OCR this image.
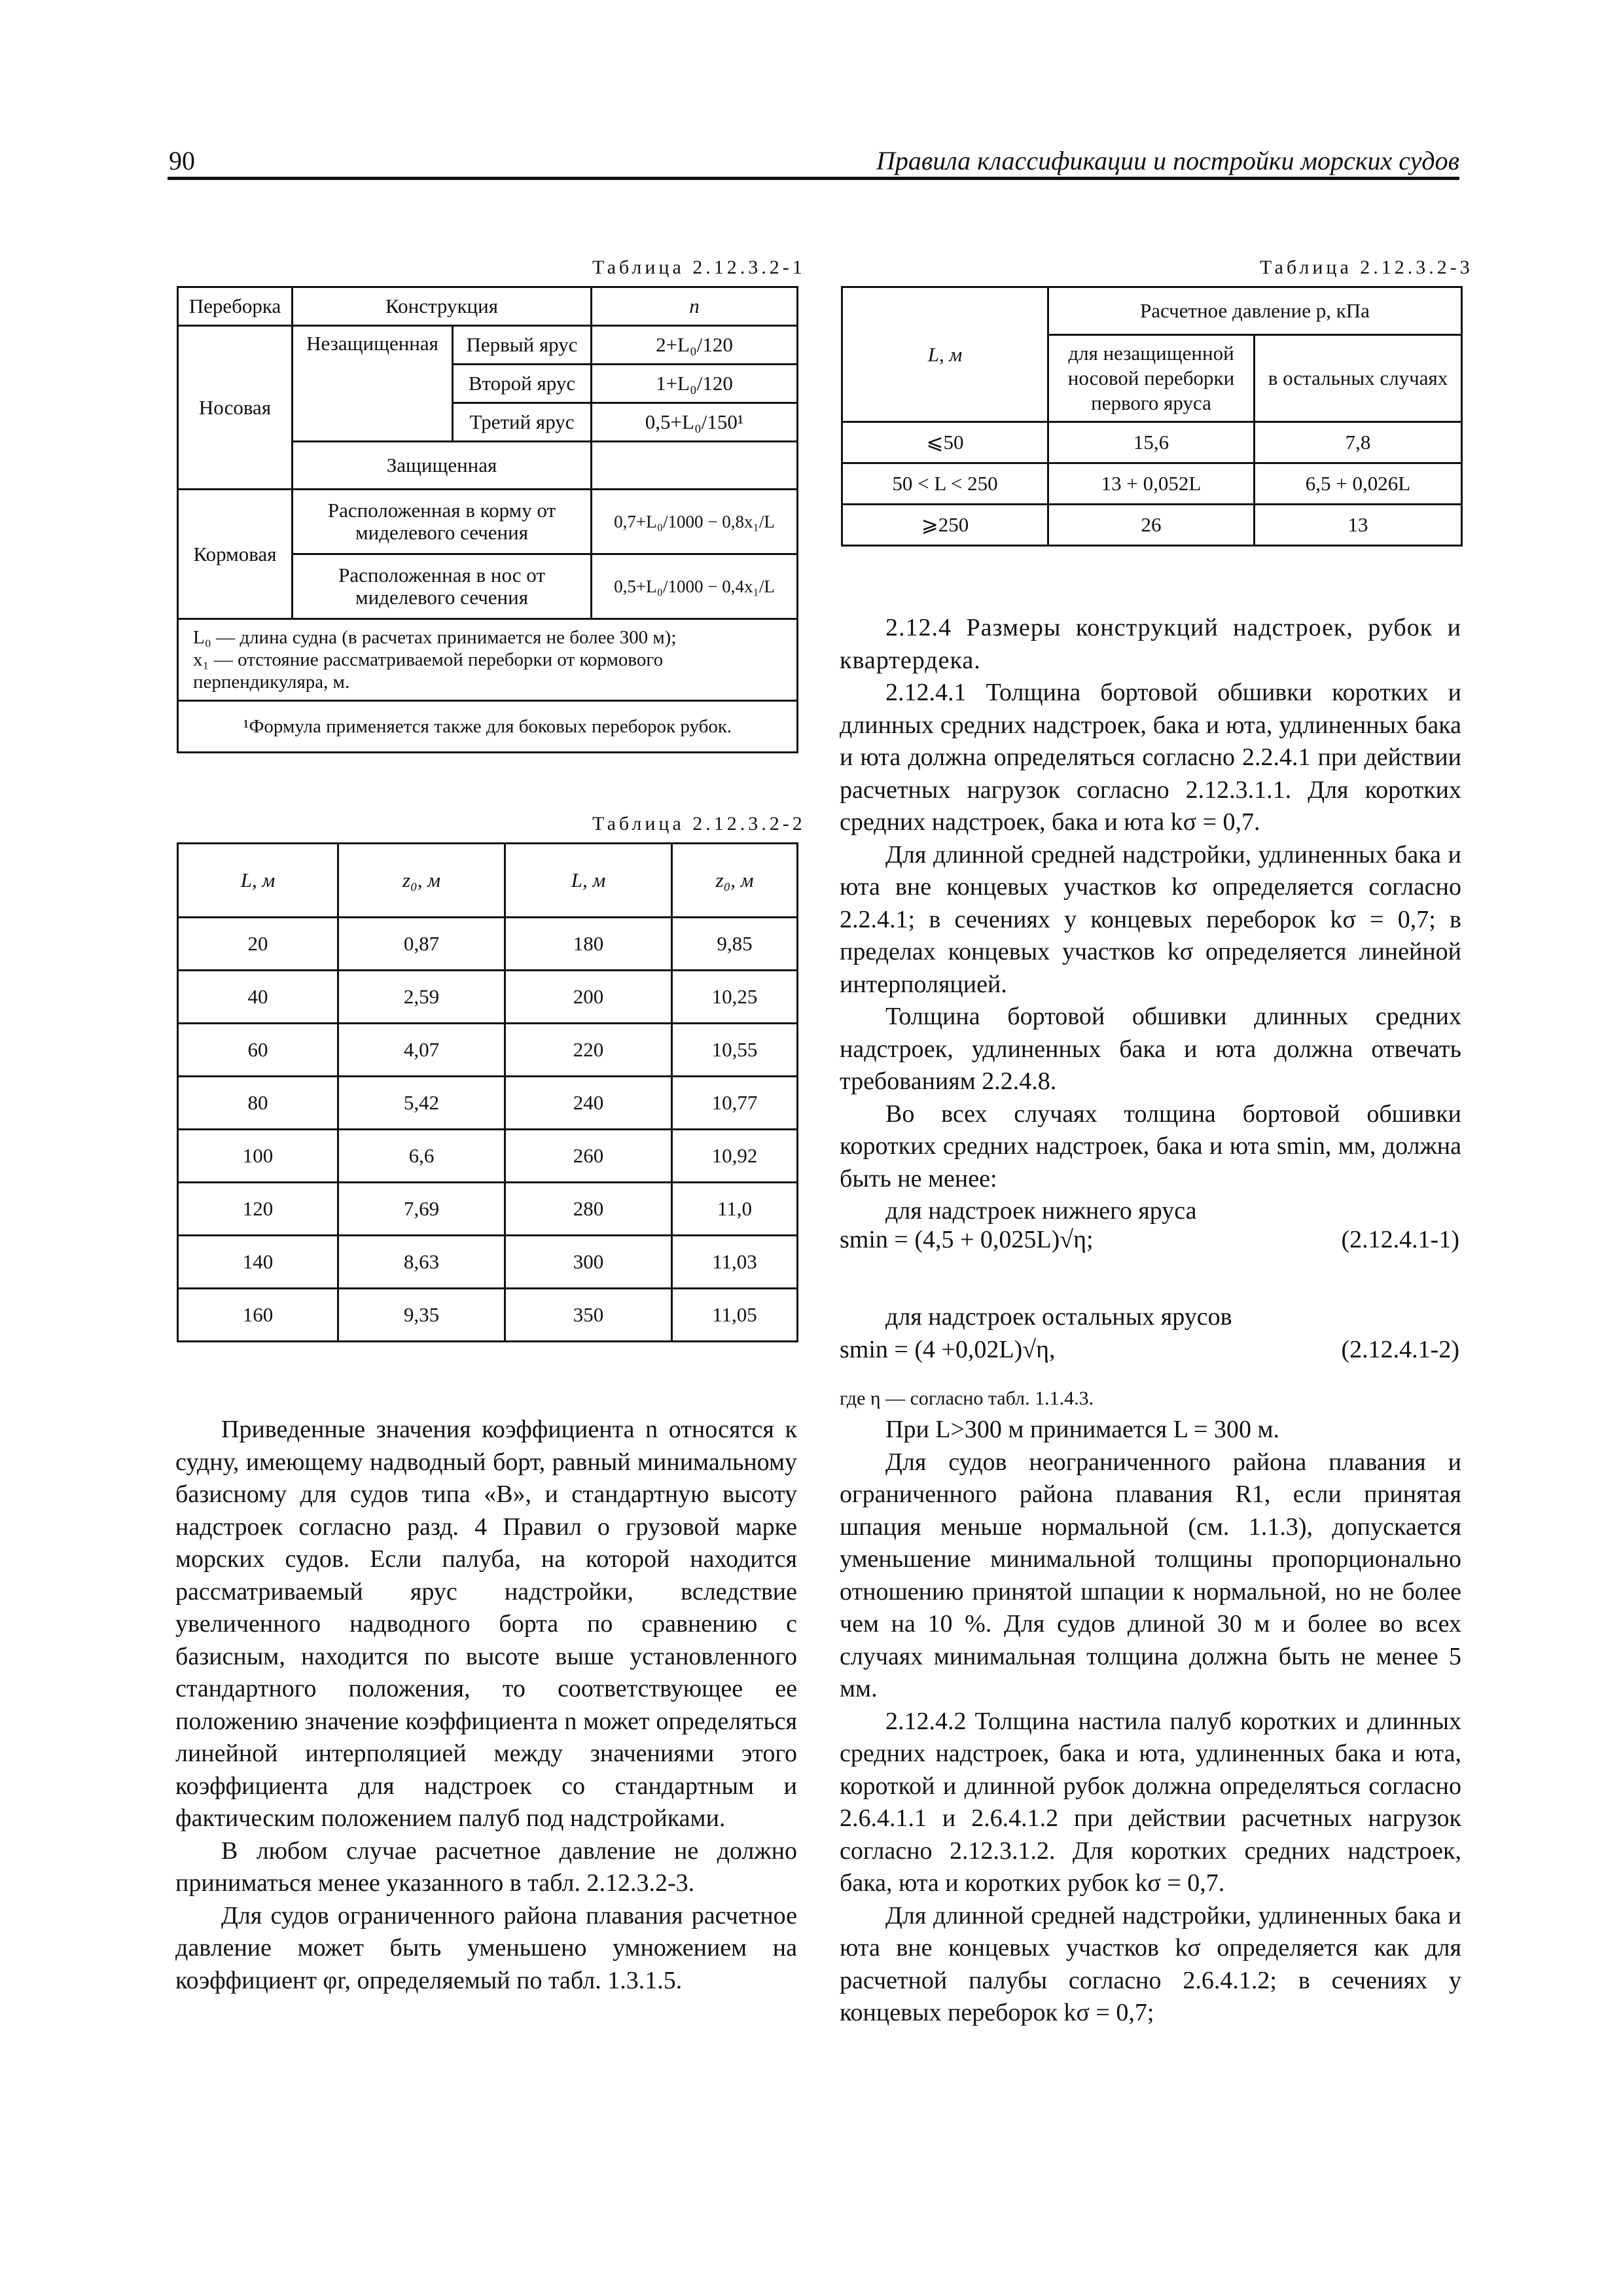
90	Правила классификации и постройки морских судов
Таблица 2.12.3.2-1
Переборка	Конструкция		n
Носовая	Незащищенная	Первый ярус	2+L₀/120
		Второй ярус	1+L₀/120
		Третий ярус	0,5+L₀/150¹
	Защищенная		
Кормовая	Расположенная в корму от миделевого сечения		0,7+L₀/1000 − 0,8x₁/L
	Расположенная в нос от миделевого сечения		0,5+L₀/1000 − 0,4x₁/L

L₀ — длина судна (в расчетах принимается не более 300 м);
x₁ — отстояние рассматриваемой переборки от кормового перпендикуляра, м.			

¹Формула применяется также для боковых переборок рубок.			
Таблица 2.12.3.2-2
L, м	z₀, м	L, м	z₀, м
20	0,87	180	9,85
40	2,59	200	10,25
60	4,07	220	10,55
80	5,42	240	10,77
100	6,6	260	10,92
120	7,69	280	11,0
140	8,63	300	11,03
160	9,35	350	11,05
Таблица 2.12.3.2-3
L, м	Расчетное давление p, кПа	
	для незащищенной носовой переборки первого яруса	в остальных случаях
⩽50	15,6	7,8
50 < L < 250	13 + 0,052L	6,5 + 0,026L
⩾250	26	13

Приведенные значения коэффициента n относятся к судну, имеющему надводный борт, равный минимальному базисному для судов типа «В», и стандартную высоту надстроек согласно разд. 4 Правил о грузовой марке морских судов. Если палуба, на которой находится рассматриваемый ярус надстройки, вследствие увеличенного надводного борта по сравнению с базисным, находится по высоте выше установленного стандартного положения, то соответствующее ее положению значение коэффициента n может определяться линейной интерполяцией между значениями этого коэффициента для надстроек со стандартным и фактическим положением палуб под надстройками.

В любом случае расчетное давление не должно приниматься менее указанного в табл. 2.12.3.2-3.

Для судов ограниченного района плавания расчетное давление может быть уменьшено умножением на коэффициент φr, определяемый по табл. 1.3.1.5.

2.12.4 Размеры конструкций надстроек, рубок и квартердека.

2.12.4.1 Толщина бортовой обшивки коротких и длинных средних надстроек, бака и юта, удлиненных бака и юта должна определяться согласно 2.2.4.1 при действии расчетных нагрузок согласно 2.12.3.1.1. Для коротких средних надстроек, бака и юта kσ = 0,7.

Для длинной средней надстройки, удлиненных бака и юта вне концевых участков kσ определяется согласно 2.2.4.1; в сечениях у концевых переборок kσ = 0,7; в пределах концевых участков kσ определяется линейной интерполяцией.

Толщина бортовой обшивки длинных средних надстроек, удлиненных бака и юта должна отвечать требованиям 2.2.4.8.

Во всех случаях толщина бортовой обшивки коротких средних надстроек, бака и юта smin, мм, должна быть не менее:

для надстроек нижнего яруса

smin = (4,5 + 0,025L)√η;	(2.12.4.1-1)
для надстроек остальных ярусов
smin = (4 +0,02L)√η,	(2.12.4.1-2)
где η — согласно табл. 1.1.4.3.

При L>300 м принимается L = 300 м.

Для судов неограниченного района плавания и ограниченного района плавания R1, если принятая шпация меньше нормальной (см. 1.1.3), допускается уменьшение минимальной толщины пропорционально отношению принятой шпации к нормальной, но не более чем на 10 %. Для судов длиной 30 м и более во всех случаях минимальная толщина должна быть не менее 5 мм.

2.12.4.2 Толщина настила палуб коротких и длинных средних надстроек, бака и юта, удлиненных бака и юта, короткой и длинной рубок должна определяться согласно 2.6.4.1.1 и 2.6.4.1.2 при действии расчетных нагрузок согласно 2.12.3.1.2. Для коротких средних надстроек, бака, юта и коротких рубок kσ = 0,7.

Для длинной средней надстройки, удлиненных бака и юта вне концевых участков kσ определяется как для расчетной палубы согласно 2.6.4.1.2; в сечениях у концевых переборок kσ = 0,7;
